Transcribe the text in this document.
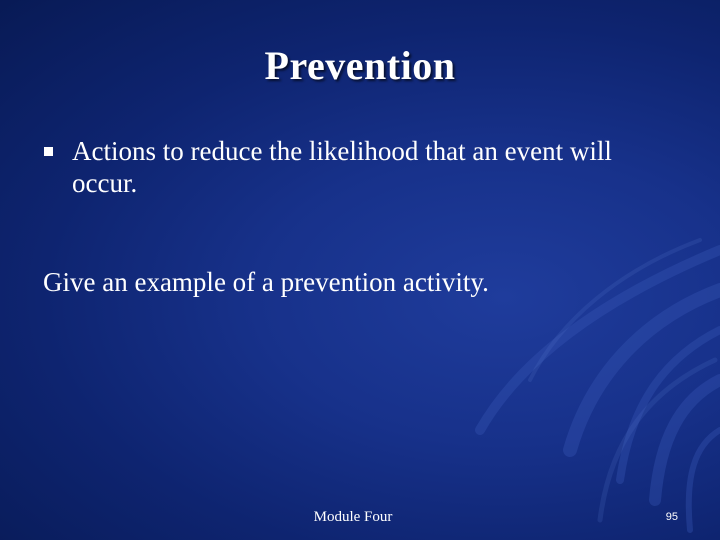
Prevention
Actions to reduce the likelihood that an event will occur.
Give an example of a prevention activity.
Module Four	95
